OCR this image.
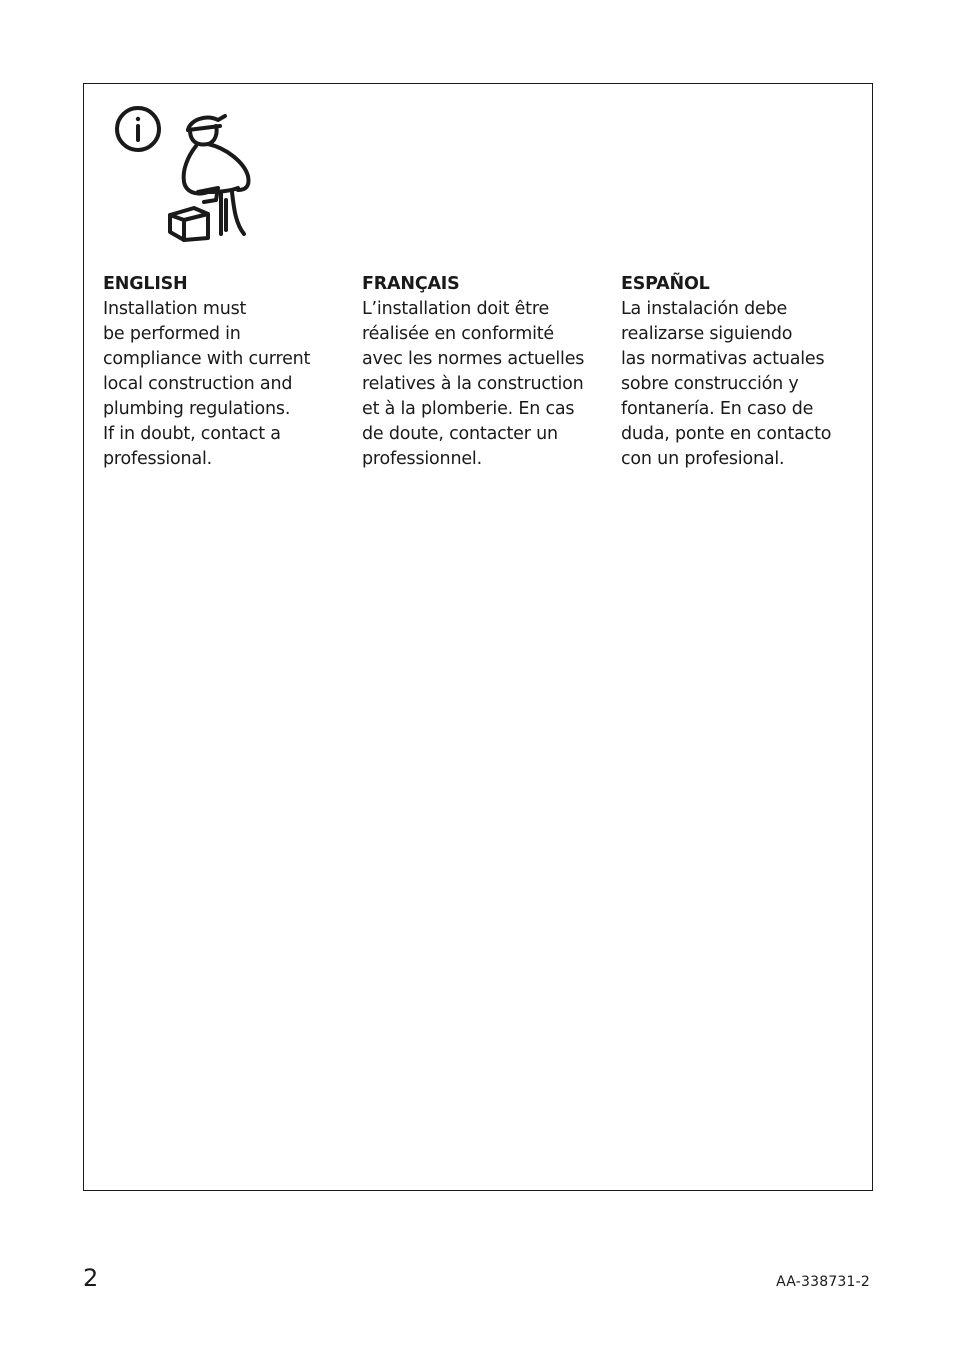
ENGLISH
Installation must
be performed in
compliance with current
local construction and
plumbing regulations.
If in doubt, contact a
professional.
FRANÇAIS
L’installation doit être
réalisée en conformité
avec les normes actuelles
relatives à la construction
et à la plomberie. En cas
de doute, contacter un
professionnel.
ESPAÑOL
La instalación debe
realizarse siguiendo
las normativas actuales
sobre construcción y
fontanería. En caso de
duda, ponte en contacto
con un profesional.
2	AA-338731-2
